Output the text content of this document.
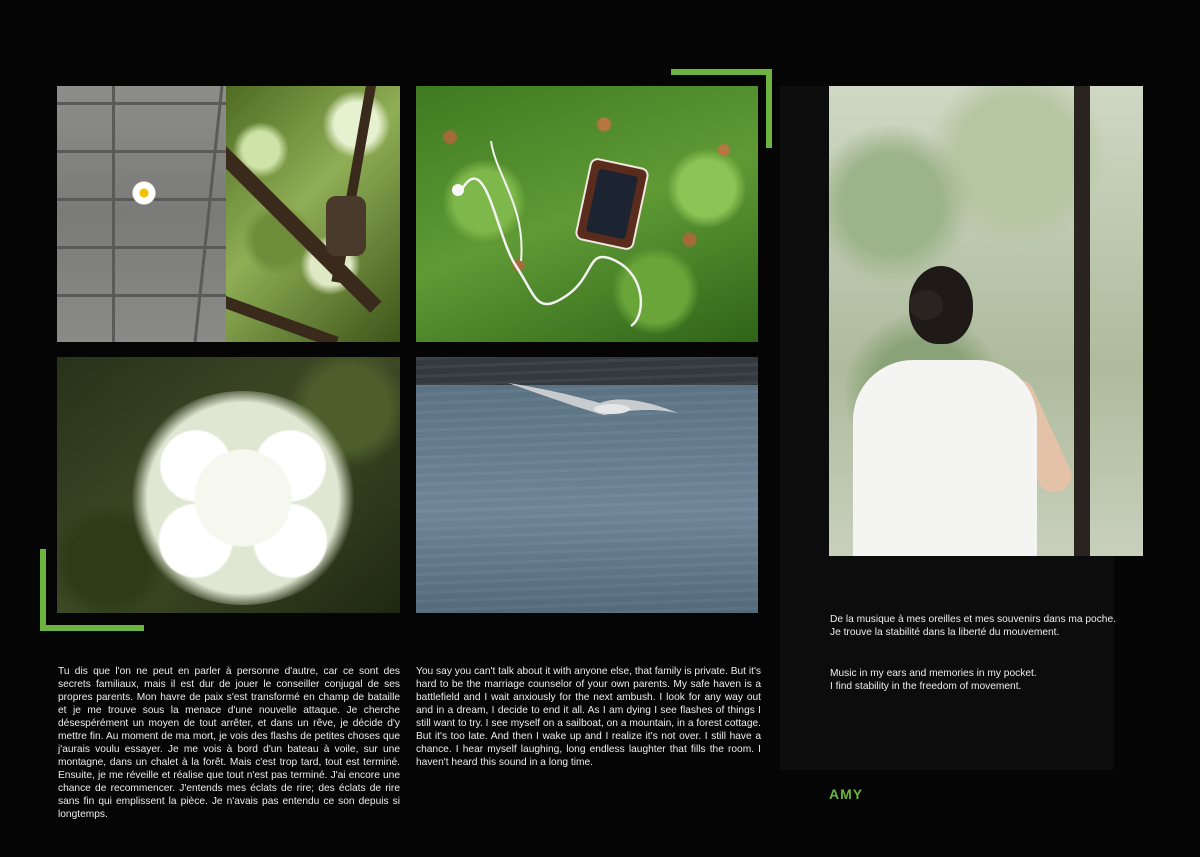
De la musique à mes oreilles et mes souvenirs dans ma poche.

Je trouve la stabilité dans la liberté du mouvement.

Music in my ears and memories in my pocket.

I find stability in the freedom of movement.

Tu dis que l'on ne peut en parler à personne d'autre, car ce sont des secrets familiaux, mais il est dur de jouer le conseiller conjugal de ses propres parents. Mon havre de paix s'est transformé en champ de bataille et je me trouve sous la menace d'une nouvelle attaque. Je cherche désespérément un moyen de tout arrêter, et dans un rêve, je décide d'y mettre fin. Au moment de ma mort, je vois des flashs de petites choses que j'aurais voulu essayer. Je me vois à bord d'un bateau à voile, sur une montagne, dans un chalet à la forêt. Mais c'est trop tard, tout est terminé. Ensuite, je me réveille et réalise que tout n'est pas terminé. J'ai encore une chance de recommencer. J'entends mes éclats de rire; des éclats de rire sans fin qui emplissent la pièce. Je n'avais pas entendu ce son depuis si longtemps.

You say you can't talk about it with anyone else, that family is private. But it's hard to be the marriage counselor of your own parents. My safe haven is a battlefield and I wait anxiously for the next ambush. I look for any way out and in a dream, I decide to end it all. As I am dying I see flashes of things I still want to try. I see myself on a sailboat, on a mountain, in a forest cottage. But it's too late. And then I wake up and I realize it's not over. I still have a chance. I hear myself laughing, long endless laughter that fills the room. I haven't heard this sound in a long time.

AMY
